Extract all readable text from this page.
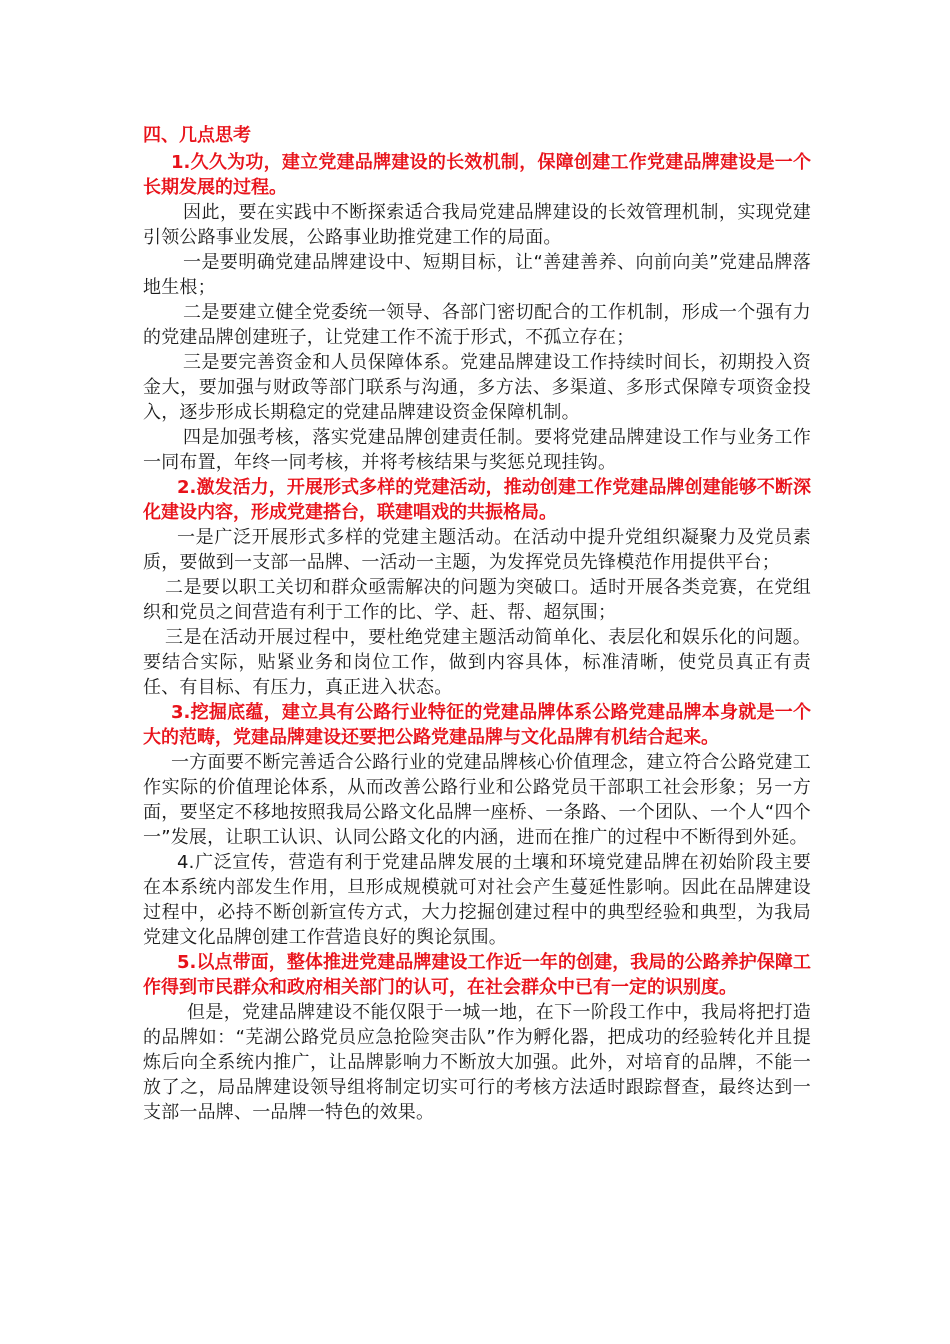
四、几点思考
1.久久为功，建立党建品牌建设的长效机制，保障创建工作党建品牌建设是一个长期发展的过程。
因此，要在实践中不断探索适合我局党建品牌建设的长效管理机制，实现党建引领公路事业发展，公路事业助推党建工作的局面。
一是要明确党建品牌建设中、短期目标，让“善建善养、向前向美”党建品牌落地生根；
二是要建立健全党委统一领导、各部门密切配合的工作机制，形成一个强有力的党建品牌创建班子，让党建工作不流于形式，不孤立存在；
三是要完善资金和人员保障体系。党建品牌建设工作持续时间长，初期投入资金大，要加强与财政等部门联系与沟通，多方法、多渠道、多形式保障专项资金投入，逐步形成长期稳定的党建品牌建设资金保障机制。
四是加强考核，落实党建品牌创建责任制。要将党建品牌建设工作与业务工作一同布置，年终一同考核，并将考核结果与奖惩兑现挂钩。
2.激发活力，开展形式多样的党建活动，推动创建工作党建品牌创建能够不断深化建设内容，形成党建搭台，联建唱戏的共振格局。
一是广泛开展形式多样的党建主题活动。在活动中提升党组织凝聚力及党员素质，要做到一支部一品牌、一活动一主题，为发挥党员先锋模范作用提供平台；
二是要以职工关切和群众亟需解决的问题为突破口。适时开展各类竞赛，在党组织和党员之间营造有利于工作的比、学、赶、帮、超氛围；
三是在活动开展过程中，要杜绝党建主题活动简单化、表层化和娱乐化的问题。要结合实际，贴紧业务和岗位工作，做到内容具体，标准清晰，使党员真正有责任、有目标、有压力，真正进入状态。
3.挖掘底蕴，建立具有公路行业特征的党建品牌体系公路党建品牌本身就是一个大的范畴，党建品牌建设还要把公路党建品牌与文化品牌有机结合起来。
一方面要不断完善适合公路行业的党建品牌核心价值理念，建立符合公路党建工作实际的价值理论体系，从而改善公路行业和公路党员干部职工社会形象；另一方面，要坚定不移地按照我局公路文化品牌一座桥、一条路、一个团队、一个人“四个一”发展，让职工认识、认同公路文化的内涵，进而在推广的过程中不断得到外延。
4.广泛宣传，营造有利于党建品牌发展的土壤和环境党建品牌在初始阶段主要在本系统内部发生作用，旦形成规模就可对社会产生蔓延性影响。因此在品牌建设过程中，必持不断创新宣传方式，大力挖掘创建过程中的典型经验和典型，为我局党建文化品牌创建工作营造良好的舆论氛围。
5.以点带面，整体推进党建品牌建设工作近一年的创建，我局的公路养护保障工作得到市民群众和政府相关部门的认可，在社会群众中已有一定的识别度。
但是，党建品牌建设不能仅限于一城一地，在下一阶段工作中，我局将把打造的品牌如：“芜湖公路党员应急抢险突击队”作为孵化器，把成功的经验转化并且提炼后向全系统内推广，让品牌影响力不断放大加强。此外，对培育的品牌，不能一放了之，局品牌建设领导组将制定切实可行的考核方法适时跟踪督查，最终达到一支部一品牌、一品牌一特色的效果。
